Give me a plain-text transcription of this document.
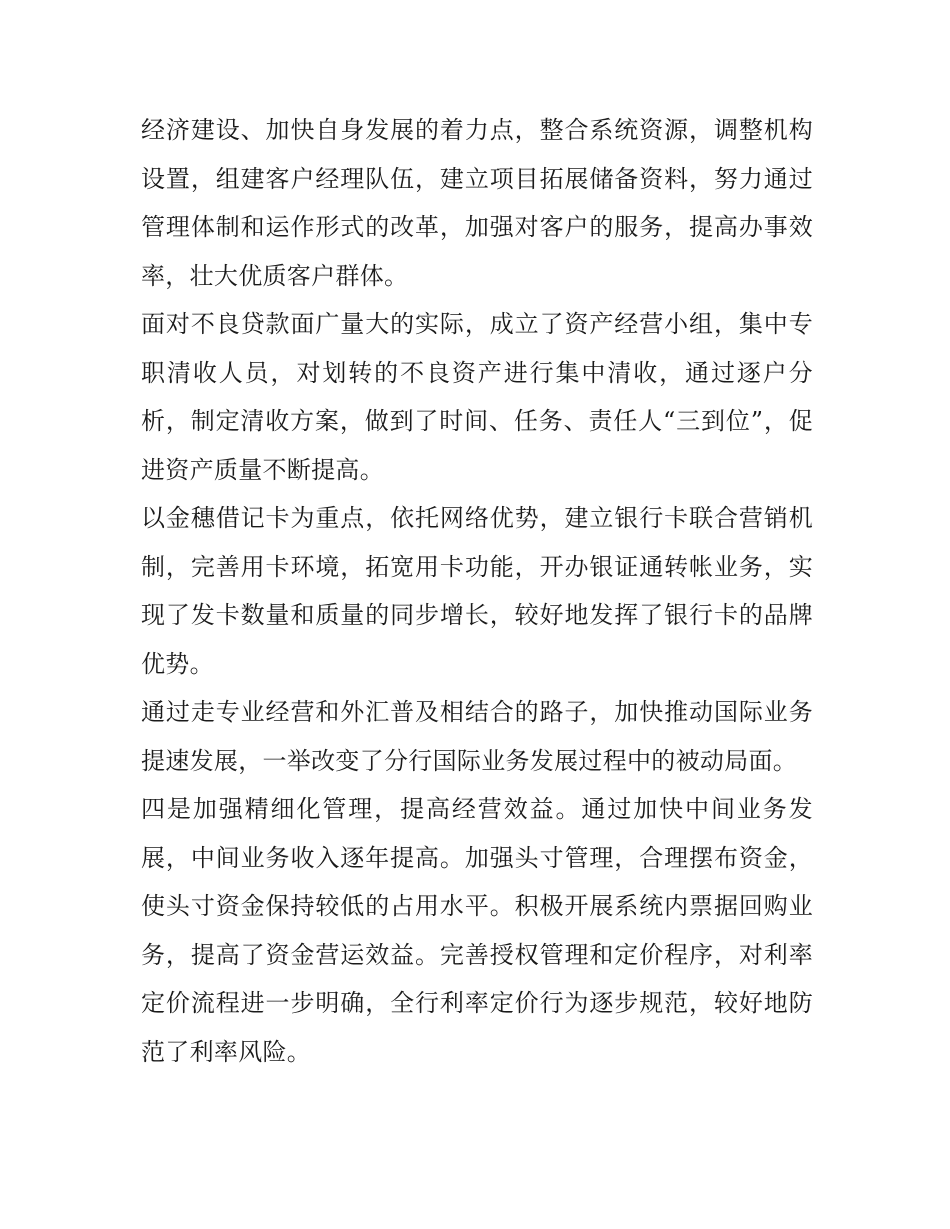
经济建设、加快自身发展的着力点，整合系统资源，调整机构设置，组建客户经理队伍，建立项目拓展储备资料，努力通过管理体制和运作形式的改革，加强对客户的服务，提高办事效率，壮大优质客户群体。

面对不良贷款面广量大的实际，成立了资产经营小组，集中专职清收人员，对划转的不良资产进行集中清收，通过逐户分析，制定清收方案，做到了时间、任务、责任人“三到位”，促进资产质量不断提高。

以金穗借记卡为重点，依托网络优势，建立银行卡联合营销机制，完善用卡环境，拓宽用卡功能，开办银证通转帐业务，实现了发卡数量和质量的同步增长，较好地发挥了银行卡的品牌优势。

通过走专业经营和外汇普及相结合的路子，加快推动国际业务提速发展，一举改变了分行国际业务发展过程中的被动局面。

四是加强精细化管理，提高经营效益。通过加快中间业务发展，中间业务收入逐年提高。加强头寸管理，合理摆布资金，使头寸资金保持较低的占用水平。积极开展系统内票据回购业务，提高了资金营运效益。完善授权管理和定价程序，对利率定价流程进一步明确，全行利率定价行为逐步规范，较好地防范了利率风险。
